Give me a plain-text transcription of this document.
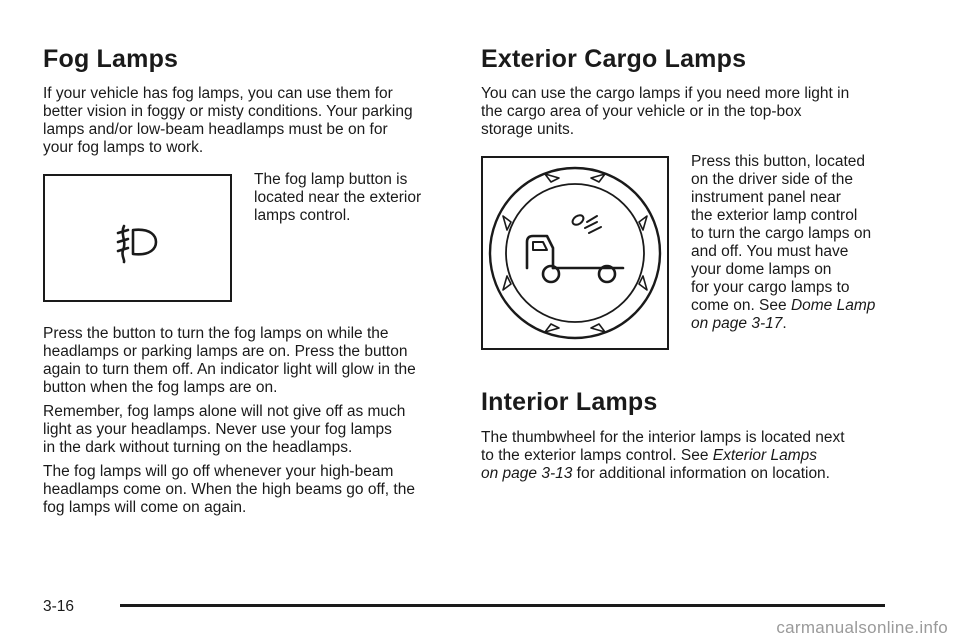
Fog Lamps

If your vehicle has fog lamps, you can use them for
better vision in foggy or misty conditions. Your parking
lamps and/or low-beam headlamps must be on for
your fog lamps to work.

The fog lamp button is
located near the exterior
lamps control.

Press the button to turn the fog lamps on while the
headlamps or parking lamps are on. Press the button
again to turn them off. An indicator light will glow in the
button when the fog lamps are on.

Remember, fog lamps alone will not give off as much
light as your headlamps. Never use your fog lamps
in the dark without turning on the headlamps.

The fog lamps will go off whenever your high-beam
headlamps come on. When the high beams go off, the
fog lamps will come on again.

Exterior Cargo Lamps

You can use the cargo lamps if you need more light in
the cargo area of your vehicle or in the top-box
storage units.

Press this button, located
on the driver side of the
instrument panel near
the exterior lamp control
to turn the cargo lamps on
and off. You must have
your dome lamps on
for your cargo lamps to
come on. See Dome Lamp
on page 3-17.

Interior Lamps

The thumbwheel for the interior lamps is located next
to the exterior lamps control. See Exterior Lamps
on page 3-13 for additional information on location.

3-16
carmanualsonline.info
